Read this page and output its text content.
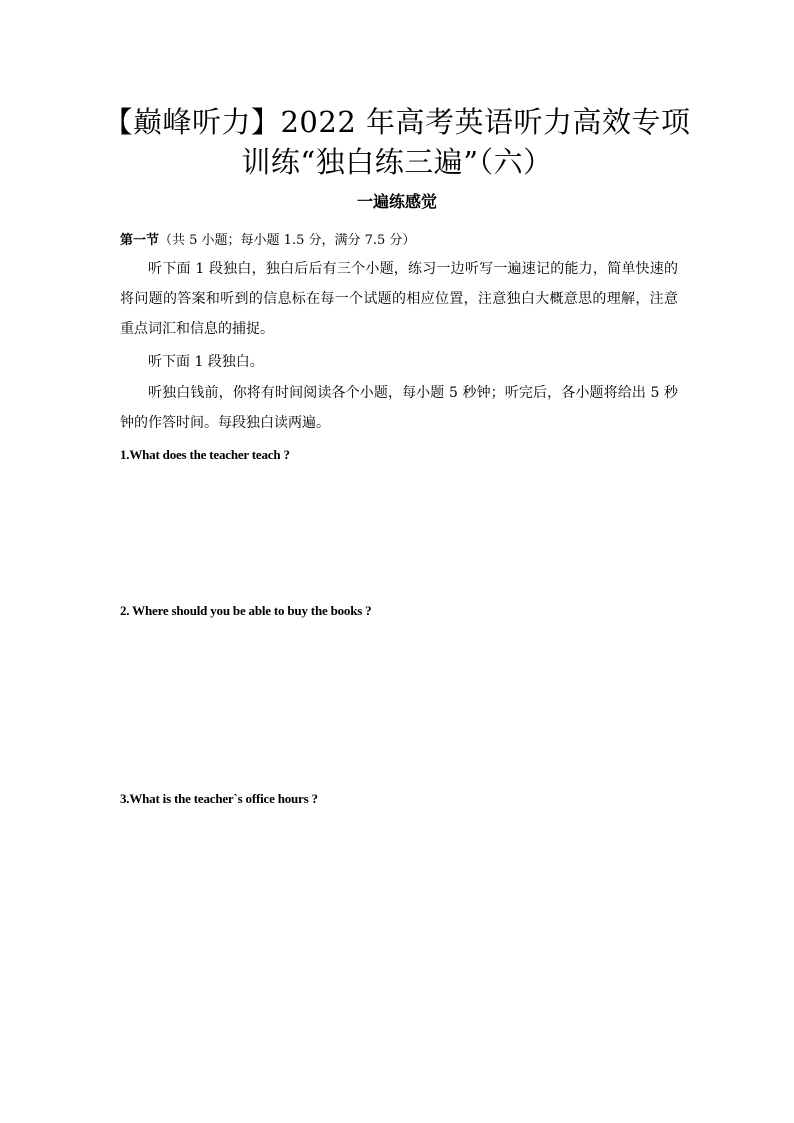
【巅峰听力】2022 年高考英语听力高效专项
训练“独白练三遍”（六）
一遍练感觉
第一节（共 5 小题；每小题 1.5 分，满分 7.5 分）
听下面 1 段独白，独白后后有三个小题，练习一边听写一遍速记的能力，简单快速的将问题的答案和听到的信息标在每一个试题的相应位置，注意独白大概意思的理解，注意重点词汇和信息的捕捉。
听下面 1 段独白。
听独白钱前，你将有时间阅读各个小题，每小题 5 秒钟；听完后，各小题将给出 5 秒钟的作答时间。每段独白读两遍。
1.What does the teacher teach ?
2. Where should you be able to buy the books ?
3.What is the teacher`s office hours ?
